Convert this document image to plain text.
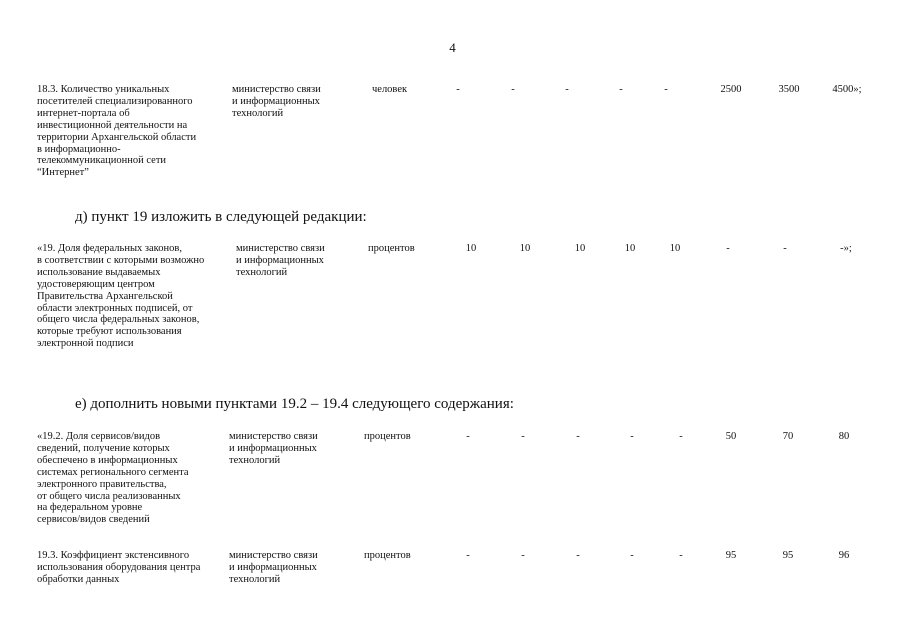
4
18.3. Количество уникальных
посетителей специализированного
интернет-портала об
инвестиционной деятельности на
территории Архангельской области
в информационно-
телекоммуникационной сети
“Интернет”
министерство связи
и информационных
технологий
человек	-	-	-	-	-	2500	3500	4500»;
д) пункт 19 изложить в следующей редакции:
«19. Доля федеральных законов,
в соответствии с которыми возможно
использование выдаваемых
удостоверяющим центром
Правительства Архангельской
области электронных подписей, от
общего числа федеральных законов,
которые требуют использования
электронной подписи
министерство связи
и информационных
технологий
процентов	10	10	10	10	10	-	-	-»;
е) дополнить новыми пунктами 19.2 – 19.4 следующего содержания:
«19.2. Доля сервисов/видов
сведений, получение которых
обеспечено в информационных
системах регионального сегмента
электронного правительства,
от общего числа реализованных
на федеральном уровне
сервисов/видов сведений
министерство связи
и информационных
технологий
процентов	-	-	-	-	-	50	70	80
19.3. Коэффициент экстенсивного
использования оборудования центра
обработки данных
министерство связи
и информационных
технологий
процентов	-	-	-	-	-	95	95	96
